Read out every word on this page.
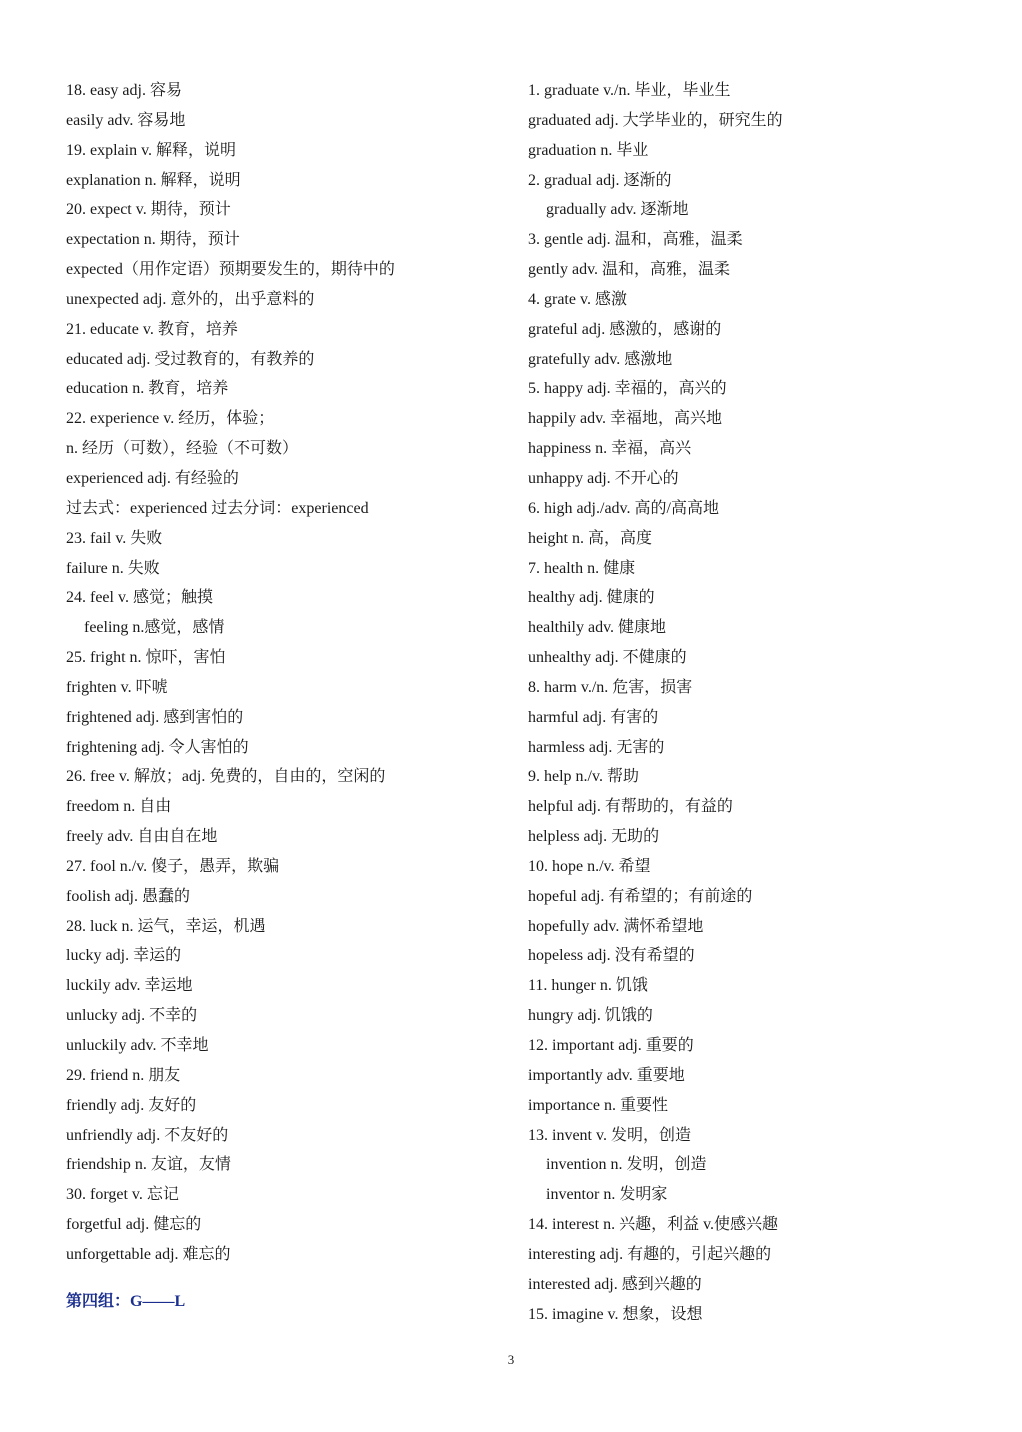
18. easy adj. 容易
easily adv. 容易地
19. explain v. 解释，说明
explanation n. 解释，说明
20. expect v. 期待，预计
expectation n. 期待，预计
expected（用作定语）预期要发生的，期待中的
unexpected adj. 意外的，出乎意料的
21. educate v. 教育，培养
educated adj. 受过教育的，有教养的
education n. 教育，培养
22. experience v. 经历，体验；
n. 经历（可数），经验（不可数）
experienced adj. 有经验的
过去式：experienced 过去分词：experienced
23. fail v. 失败
failure n. 失败
24. feel v. 感觉；触摸
feeling n.感觉，感情
25. fright n. 惊吓，害怕
frighten v. 吓唬
frightened adj. 感到害怕的
frightening adj. 令人害怕的
26. free v. 解放；adj. 免费的，自由的，空闲的
freedom n. 自由
freely adv. 自由自在地
27. fool n./v. 傻子，愚弄，欺骗
foolish adj. 愚蠢的
28. luck n. 运气，幸运，机遇
lucky adj. 幸运的
luckily adv. 幸运地
unlucky adj. 不幸的
unluckily adv. 不幸地
29. friend n. 朋友
friendly adj. 友好的
unfriendly adj. 不友好的
friendship n. 友谊，友情
30. forget v. 忘记
forgetful adj. 健忘的
unforgettable adj. 难忘的
第四组：G——L
1. graduate v./n. 毕业，毕业生
graduated adj. 大学毕业的，研究生的
graduation n. 毕业
2. gradual adj. 逐渐的
gradually adv. 逐渐地
3. gentle adj. 温和，高雅，温柔
gently adv. 温和，高雅，温柔
4. grate v. 感激
grateful adj. 感激的，感谢的
gratefully adv. 感激地
5. happy adj. 幸福的，高兴的
happily adv. 幸福地，高兴地
happiness n. 幸福，高兴
unhappy adj. 不开心的
6. high adj./adv. 高的/高高地
height n. 高，高度
7. health n. 健康
healthy adj. 健康的
healthily adv. 健康地
unhealthy adj. 不健康的
8. harm v./n. 危害，损害
harmful adj. 有害的
harmless adj. 无害的
9. help n./v. 帮助
helpful adj. 有帮助的，有益的
helpless adj. 无助的
10. hope n./v. 希望
hopeful adj. 有希望的；有前途的
hopefully adv. 满怀希望地
hopeless adj. 没有希望的
11. hunger n. 饥饿
hungry adj. 饥饿的
12. important adj. 重要的
importantly adv. 重要地
importance n. 重要性
13. invent v. 发明，创造
invention n. 发明，创造
inventor n. 发明家
14. interest n. 兴趣，利益 v.使感兴趣
interesting adj. 有趣的，引起兴趣的
interested adj. 感到兴趣的
15. imagine v. 想象，设想
3
